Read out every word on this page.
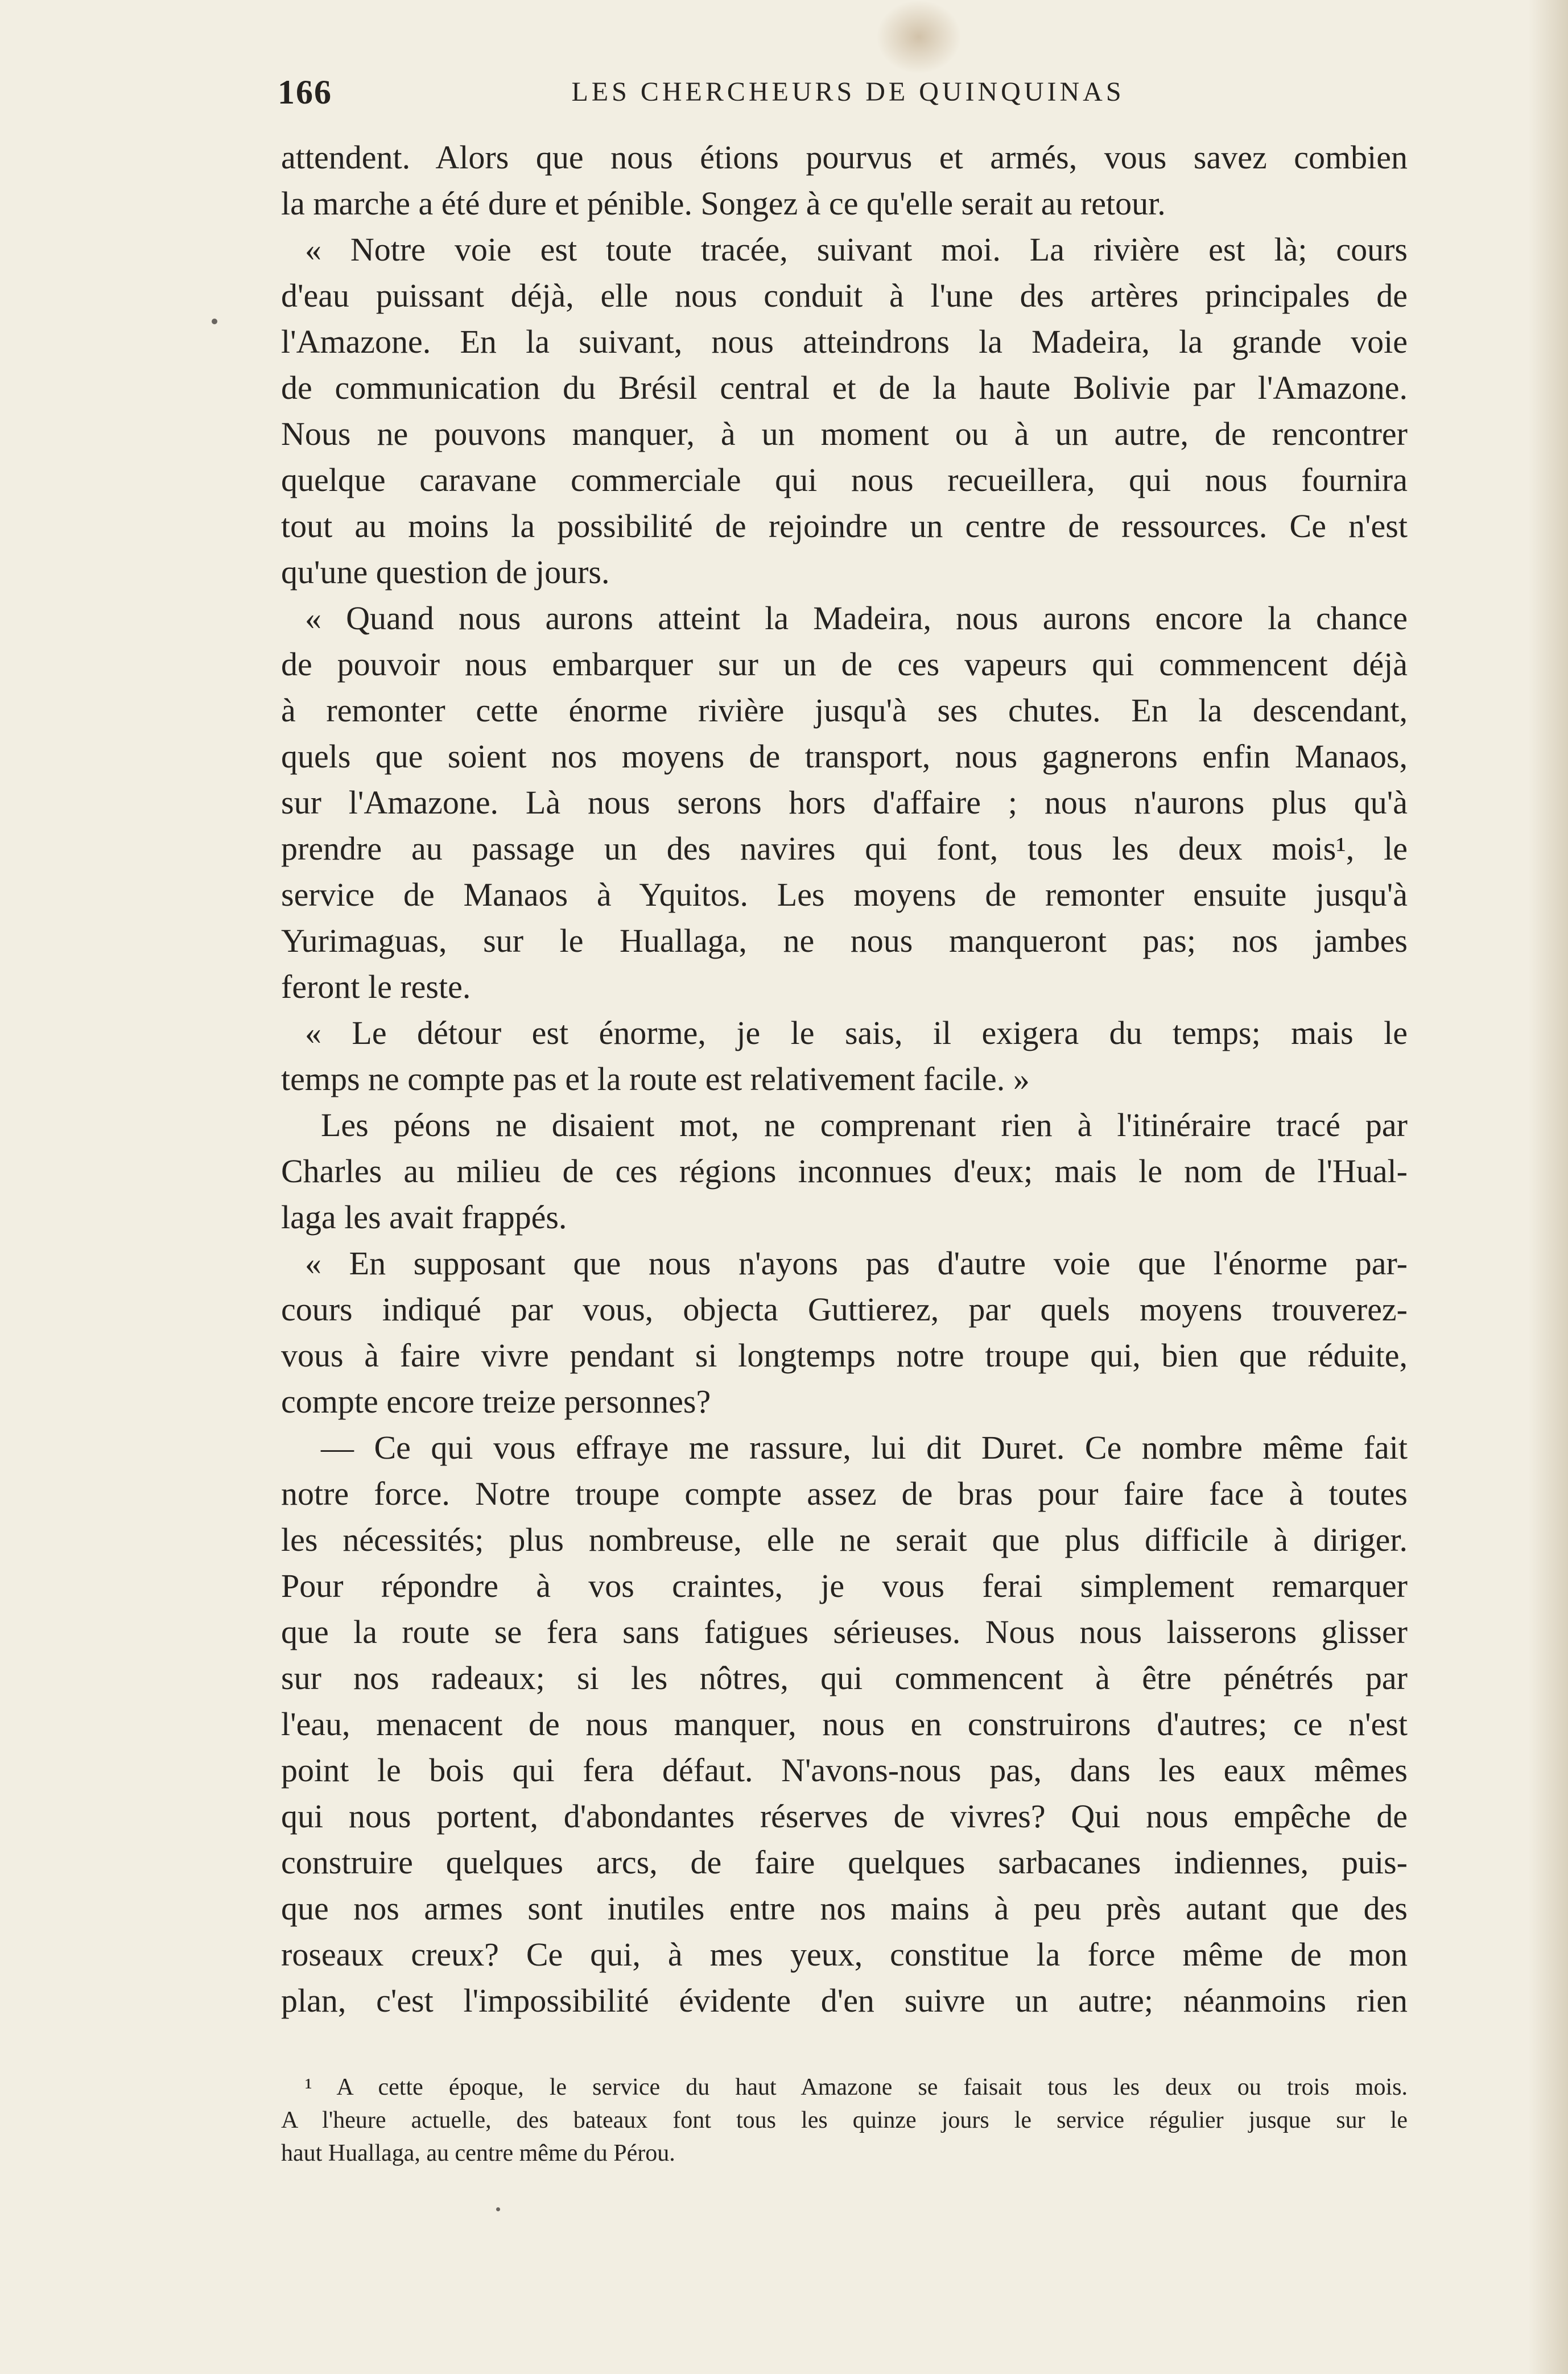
166	LES CHERCHEURS DE QUINQUINAS
attendent. Alors que nous étions pourvus et armés, vous savez combien
la marche a été dure et pénible. Songez à ce qu'elle serait au retour.
« Notre voie est toute tracée, suivant moi. La rivière est là; cours
d'eau puissant déjà, elle nous conduit à l'une des artères principales de
l'Amazone. En la suivant, nous atteindrons la Madeira, la grande voie
de communication du Brésil central et de la haute Bolivie par l'Amazone.
Nous ne pouvons manquer, à un moment ou à un autre, de rencontrer
quelque caravane commerciale qui nous recueillera, qui nous fournira
tout au moins la possibilité de rejoindre un centre de ressources. Ce n'est
qu'une question de jours.
« Quand nous aurons atteint la Madeira, nous aurons encore la chance
de pouvoir nous embarquer sur un de ces vapeurs qui commencent déjà
à remonter cette énorme rivière jusqu'à ses chutes. En la descendant,
quels que soient nos moyens de transport, nous gagnerons enfin Manaos,
sur l'Amazone. Là nous serons hors d'affaire ; nous n'aurons plus qu'à
prendre au passage un des navires qui font, tous les deux mois¹, le
service de Manaos à Yquitos. Les moyens de remonter ensuite jusqu'à
Yurimaguas, sur le Huallaga, ne nous manqueront pas; nos jambes
feront le reste.
« Le détour est énorme, je le sais, il exigera du temps; mais le
temps ne compte pas et la route est relativement facile. »
Les péons ne disaient mot, ne comprenant rien à l'itinéraire tracé par
Charles au milieu de ces régions inconnues d'eux; mais le nom de l'Hual-
laga les avait frappés.
« En supposant que nous n'ayons pas d'autre voie que l'énorme par-
cours indiqué par vous, objecta Guttierez, par quels moyens trouverez-
vous à faire vivre pendant si longtemps notre troupe qui, bien que réduite,
compte encore treize personnes?
— Ce qui vous effraye me rassure, lui dit Duret. Ce nombre même fait
notre force. Notre troupe compte assez de bras pour faire face à toutes
les nécessités; plus nombreuse, elle ne serait que plus difficile à diriger.
Pour répondre à vos craintes, je vous ferai simplement remarquer
que la route se fera sans fatigues sérieuses. Nous nous laisserons glisser
sur nos radeaux; si les nôtres, qui commencent à être pénétrés par
l'eau, menacent de nous manquer, nous en construirons d'autres; ce n'est
point le bois qui fera défaut. N'avons-nous pas, dans les eaux mêmes
qui nous portent, d'abondantes réserves de vivres? Qui nous empêche de
construire quelques arcs, de faire quelques sarbacanes indiennes, puis-
que nos armes sont inutiles entre nos mains à peu près autant que des
roseaux creux? Ce qui, à mes yeux, constitue la force même de mon
plan, c'est l'impossibilité évidente d'en suivre un autre; néanmoins rien
¹ A cette époque, le service du haut Amazone se faisait tous les deux ou trois mois.
A l'heure actuelle, des bateaux font tous les quinze jours le service régulier jusque sur le
haut Huallaga, au centre même du Pérou.
